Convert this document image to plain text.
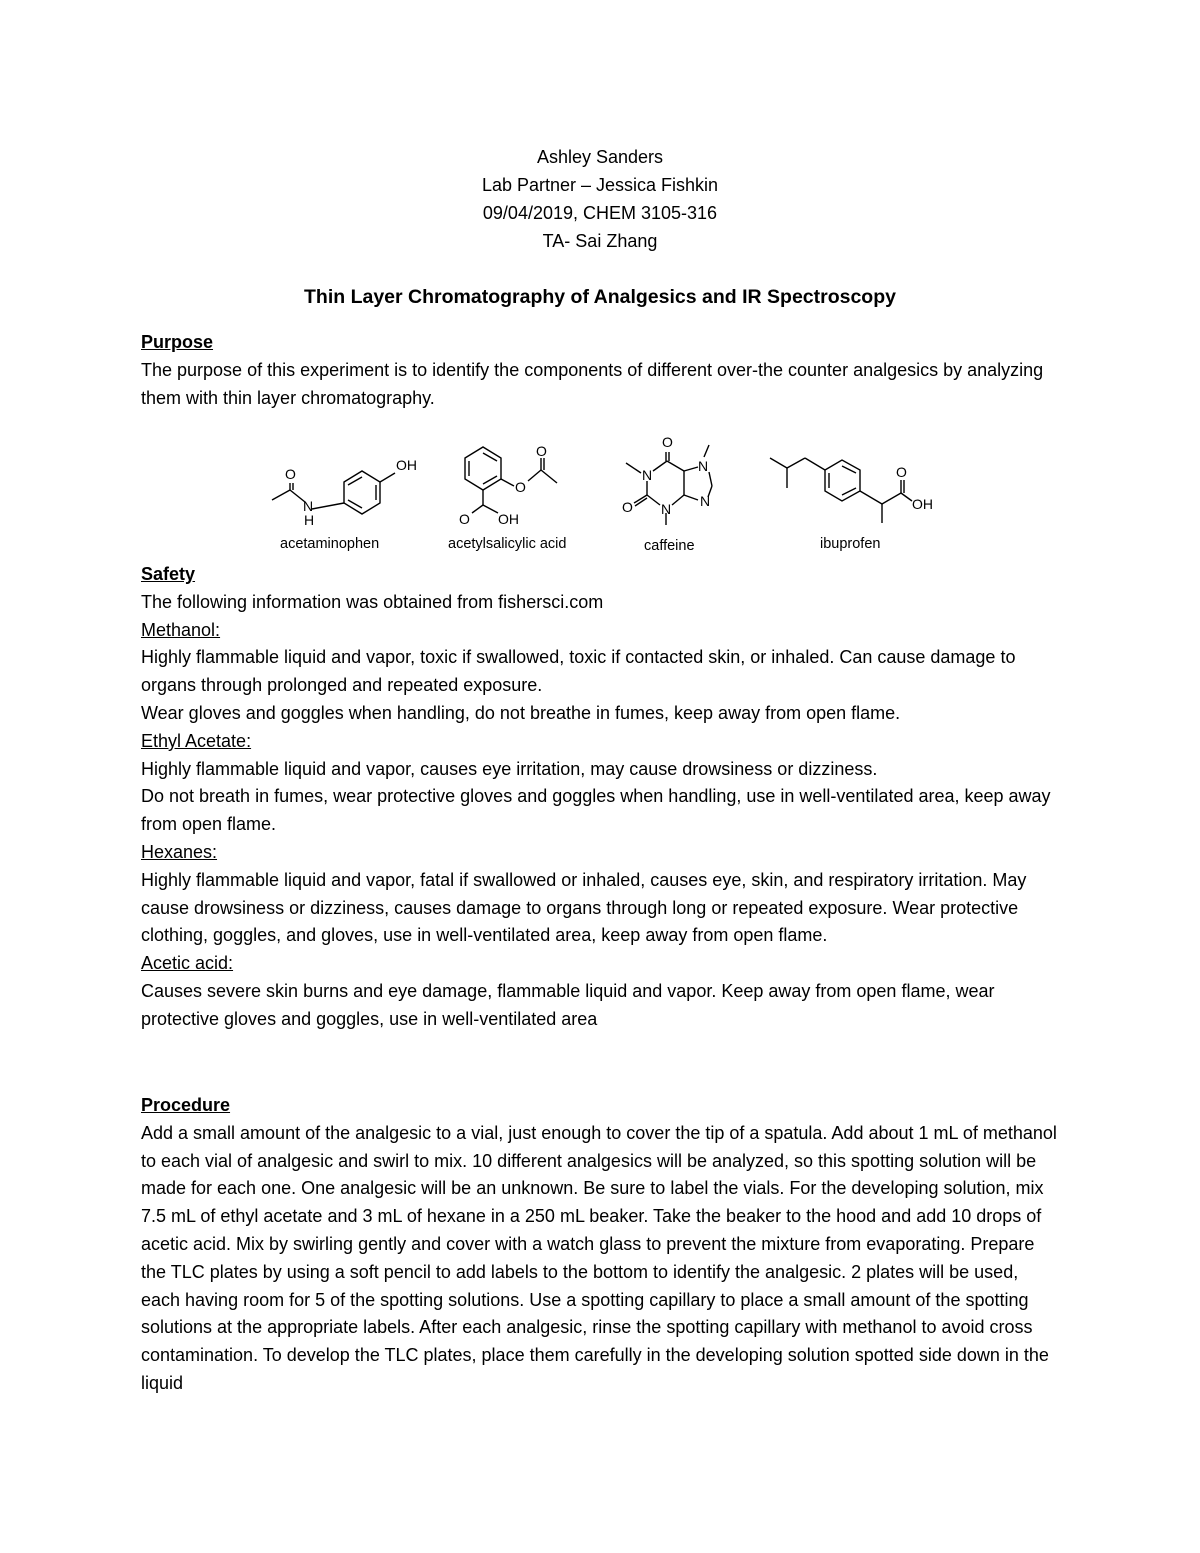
Ashley Sanders
Lab Partner – Jessica Fishkin
09/04/2019, CHEM 3105-316
TA- Sai Zhang
Thin Layer Chromatography of Analgesics and IR Spectroscopy

Purpose

The purpose of this experiment is to identify the components of different over-the counter analgesics by analyzing them with thin layer chromatography.

OH
O
N
H
acetaminophen
O
O
O OH
acetylsalicylic acid
O
N
N
N
N
O
caffeine
O
OH
ibuprofen

Safety

The following information was obtained from fishersci.com

Methanol:

Highly flammable liquid and vapor, toxic if swallowed, toxic if contacted skin, or inhaled. Can cause damage to organs through prolonged and repeated exposure.

Wear gloves and goggles when handling, do not breathe in fumes, keep away from open flame.

Ethyl Acetate:

Highly flammable liquid and vapor, causes eye irritation, may cause drowsiness or dizziness.

Do not breath in fumes, wear protective gloves and goggles when handling, use in well-ventilated area, keep away from open flame.

Hexanes:

Highly flammable liquid and vapor, fatal if swallowed or inhaled, causes eye, skin, and respiratory irritation. May cause drowsiness or dizziness, causes damage to organs through long or repeated exposure. Wear protective clothing, goggles, and gloves, use in well-ventilated area, keep away from open flame.

Acetic acid:

Causes severe skin burns and eye damage, flammable liquid and vapor. Keep away from open flame, wear protective gloves and goggles, use in well-ventilated area

Procedure

Add a small amount of the analgesic to a vial, just enough to cover the tip of a spatula. Add about 1 mL of methanol to each vial of analgesic and swirl to mix. 10 different analgesics will be analyzed, so this spotting solution will be made for each one. One analgesic will be an unknown. Be sure to label the vials. For the developing solution, mix 7.5 mL of ethyl acetate and 3 mL of hexane in a 250 mL beaker. Take the beaker to the hood and add 10 drops of acetic acid. Mix by swirling gently and cover with a watch glass to prevent the mixture from evaporating. Prepare the TLC plates by using a soft pencil to add labels to the bottom to identify the analgesic. 2 plates will be used, each having room for 5 of the spotting solutions. Use a spotting capillary to place a small amount of the spotting solutions at the appropriate labels. After each analgesic, rinse the spotting capillary with methanol to avoid cross contamination. To develop the TLC plates, place them carefully in the developing solution spotted side down in the liquid
